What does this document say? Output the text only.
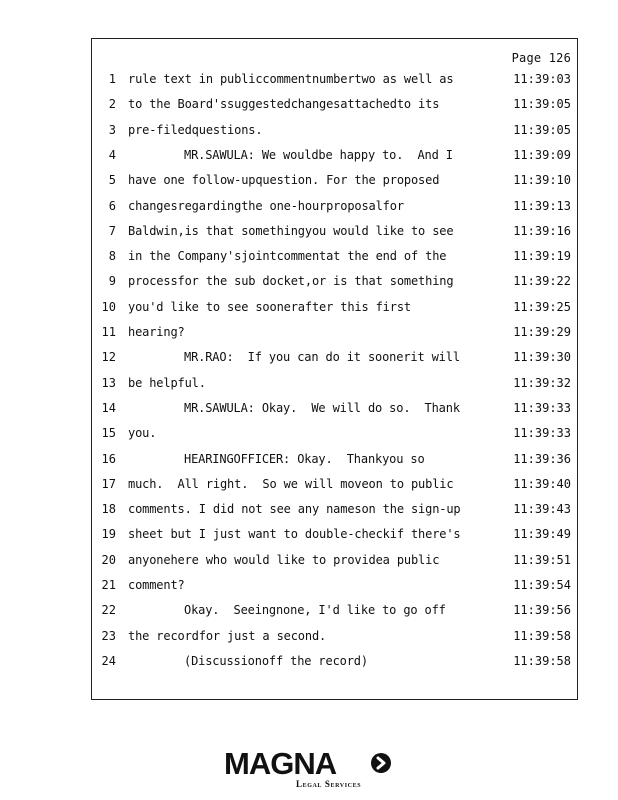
Page 126
1 rule text in publiccommentnumbertwo as well as	11:39:03
2 to the Board'ssuggestedchangesattachedto its	11:39:05
3 pre-filedquestions.	11:39:05
4	MR.SAWULA: We wouldbe happy to.  And I	11:39:09
5 have one follow-upquestion. For the proposed	11:39:10
6 changesregardingthe one-hourproposalfor	11:39:13
7 Baldwin,is that somethingyou would like to see	11:39:16
8 in the Company'sjointcommentat the end of the	11:39:19
9 processfor the sub docket,or is that something	11:39:22
10 you'd like to see soonerafter this first	11:39:25
11 hearing?	11:39:29
12	MR.RAO:  If you can do it soonerit will	11:39:30
13 be helpful.	11:39:32
14	MR.SAWULA: Okay.  We will do so.  Thank	11:39:33
15 you.	11:39:33
16	HEARINGOFFICER: Okay.  Thankyou so	11:39:36
17 much.  All right.  So we will moveon to public	11:39:40
18 comments. I did not see any nameson the sign-up	11:39:43
19 sheet but I just want to double-checkif there's	11:39:49
20 anyonehere who would like to providea public	11:39:51
21 comment?	11:39:54
22	Okay.  Seeingnone, I'd like to go off	11:39:56
23 the recordfor just a second.	11:39:58
24	(Discussionoff the record)	11:39:58
MAGNA
Legal Services
